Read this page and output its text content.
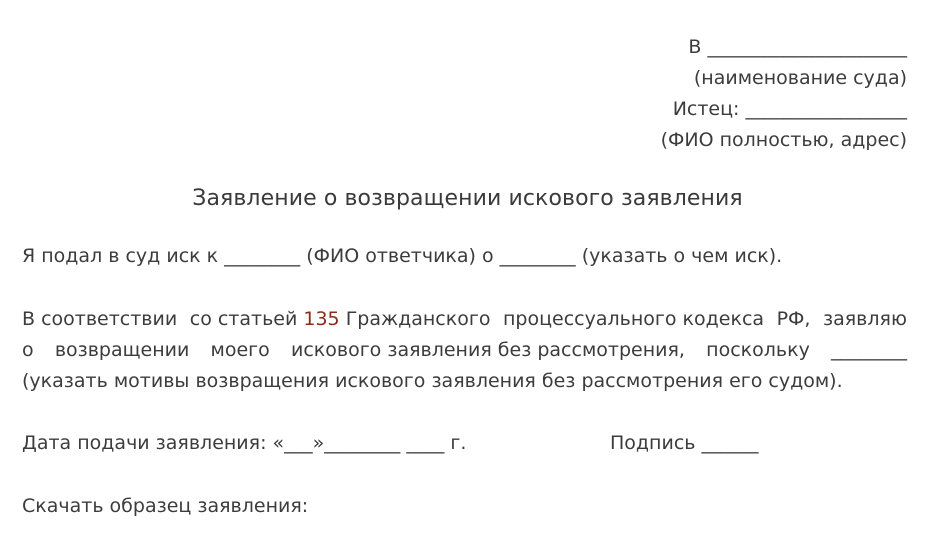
В _____________________
(наименование суда)
Истец: _________________
(ФИО полностью, адрес)
Заявление о возвращении искового заявления
Я подал в суд иск к ________ (ФИО ответчика) о ________ (указать о чем иск).
В соответствии со статьей 135 Гражданского процессуального кодекса РФ, заявляю
о возвращении моего искового заявления без рассмотрения, поскольку ________
(указать мотивы возвращения искового заявления без рассмотрения его судом).
Дата подачи заявления: «___»________ ____ г.	Подпись ______
Скачать образец заявления:
